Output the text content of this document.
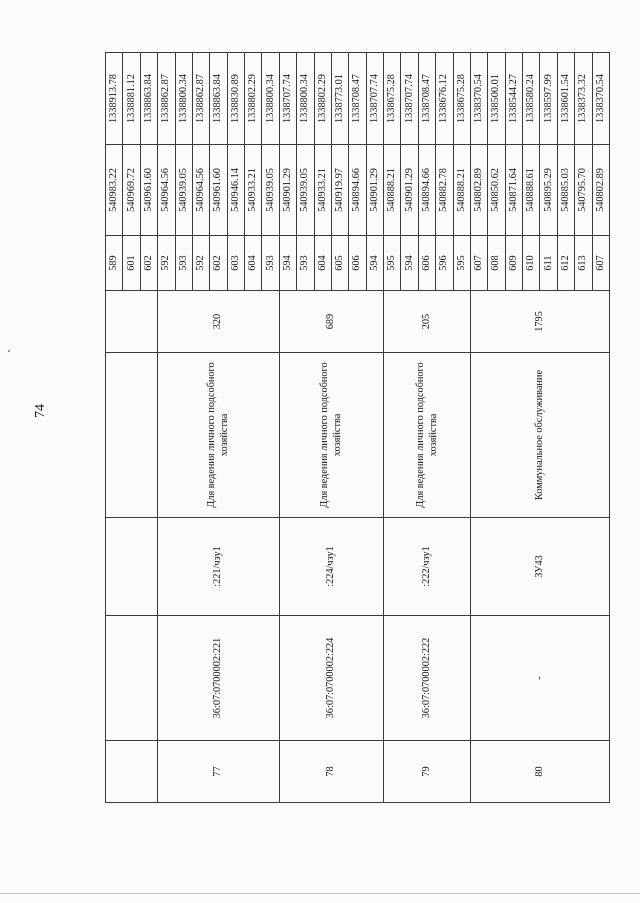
74
					589	540983.22	1338913.78
					601	540969.72	1338881.12
					602	540961.60	1338863.84
77	36:07:0700002:221	:221/чзу1	Для ведения личного подсобного хозяйства	320	592	540964.56	1338862.87
					593	540939.05	1338800.34
					592	540964.56	1338862.87
					602	540961.60	1338863.84
					603	540946.14	1338830.89
					604	540933.21	1338802.29
					593	540939.05	1338800.34
78	36:07:0700002:224	:224/чзу1	Для ведения личного подсобного хозяйства	689	594	540901.29	1338707.74
					593	540939.05	1338800.34
					604	540933.21	1338802.29
					605	540919.97	1338773.01
					606	540894.66	1338708.47
					594	540901.29	1338707.74
79	36:07:0700002:222	:222/чзу1	Для ведения личного подсобного хозяйства	205	595	540888.21	1338675.28
					594	540901.29	1338707.74
					606	540894.66	1338708.47
					596	540882.78	1338676.12
					595	540888.21	1338675.28
80	-	ЗУ43	Коммунальное обслуживание	1795	607	540802.89	1338370.54
					608	540850.62	1338500.01
					609	540871.64	1338544.27
					610	540888.61	1338580.24
					611	540895.29	1338597.99
					612	540885.03	1338601.54
					613	540795.70	1338373.32
					607	540802.89	1338370.54
